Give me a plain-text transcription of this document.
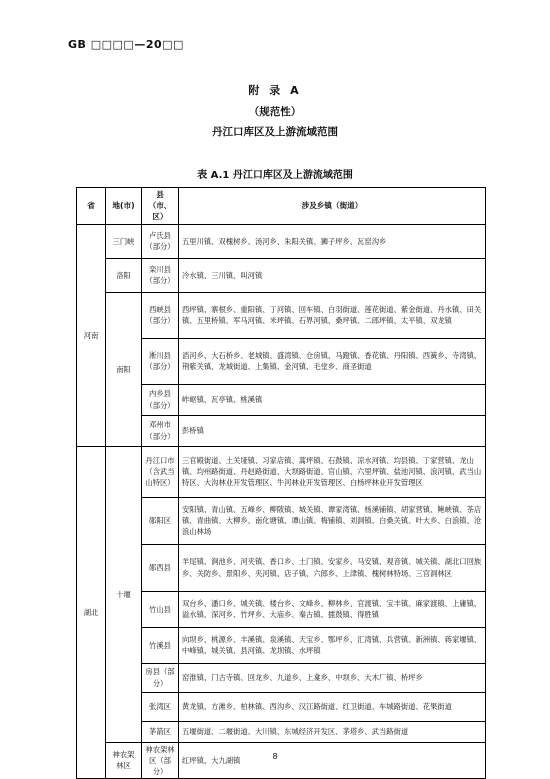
GB □□□□—20□□
附 录 A
（规范性）
丹江口库区及上游流域范围
表 A.1 丹江口库区及上游流域范围
省	地(市)	县（市、区）	涉及乡镇（街道）
河南	三门峡	卢氏县（部分）	五里川镇、双槐树乡、汤河乡、朱阳关镇、狮子坪乡、瓦窑沟乡
	洛阳	栾川县（部分）	冷水镇、三川镇、叫河镇
	南阳	西峡县（部分）	西坪镇、寨根乡、重阳镇、丁河镇、回车镇、白羽街道、莲花街道、紫金街道、丹水镇、田关镇、五里桥镇、军马河镇、米坪镇、石界河镇、桑坪镇、二郎坪镇、太平镇、双龙镇
		淅川县（部分）	滔河乡、大石桥乡、老城镇、盛湾镇、仓房镇、马蹬镇、香花镇、丹阳镇、西簧乡、寺湾镇、荆紫关镇、龙城街道、上集镇、金河镇、毛堂乡、商圣街道
		内乡县（部分）	岞岖镇、瓦亭镇、桃溪镇
		邓州市（部分）	彭桥镇
湖北	十堰	丹江口市（含武当山特区）	三官殿街道、土关垭镇、习家店镇、蒿坪镇、石鼓镇、凉水河镇、均县镇、丁家营镇、龙山镇、均州路街道、丹赵路街道、大坝路街道、官山镇、六里坪镇、盐池河镇、浪河镇、武当山特区、大沟林业开发管理区、牛河林业开发管理区、白杨坪林业开发管理区
		郧阳区	安阳镇、青山镇、五峰乡、柳陂镇、城关镇、谭家湾镇、杨溪铺镇、胡家营镇、鲍峡镇、茶店镇、青曲镇、大柳乡、南化塘镇、谭山镇、梅铺镇、刘洞镇、白桑关镇、叶大乡、白浪镇、沧浪山林场
		郧西县	羊尾镇、涧池乡、河夹镇、香口乡、土门镇、安家乡、马安镇、观音镇、城关镇、湖北口回族乡、关防乡、景阳乡、夹河镇、店子镇、六郎乡、上津镇、槐树林特场、三官洞林区
		竹山县	双台乡、潘口乡、城关镇、楼台乡、文峰乡、柳林乡、官渡镇、宝丰镇、麻家渡镇、上庸镇、溢水镇、深河乡、竹坪乡、大庙乡、秦古镇、擂鼓镇、得胜镇
		竹溪县	向坝乡、桃源乡、丰溪镇、泉溪镇、天宝乡、鄂坪乡、汇湾镇、兵营镇、新洲镇、蒋家堰镇、中峰镇、城关镇、县河镇、龙坝镇、水坪镇
		房县（部分）	窑淮镇、门古寺镇、回龙乡、九道乡、上龛乡、中坝乡、大木厂镇、桥坪乡
		张湾区	黄龙镇、方滩乡、柏林镇、西沟乡、汉江路街道、红卫街道、车城路街道、花果街道
		茅箭区	五堰街道、二堰街道、大川镇、东城经济开发区、茅塔乡、武当路街道
	神农架林区	神农架林区（部分）	红坪镇、大九湖镇	8
